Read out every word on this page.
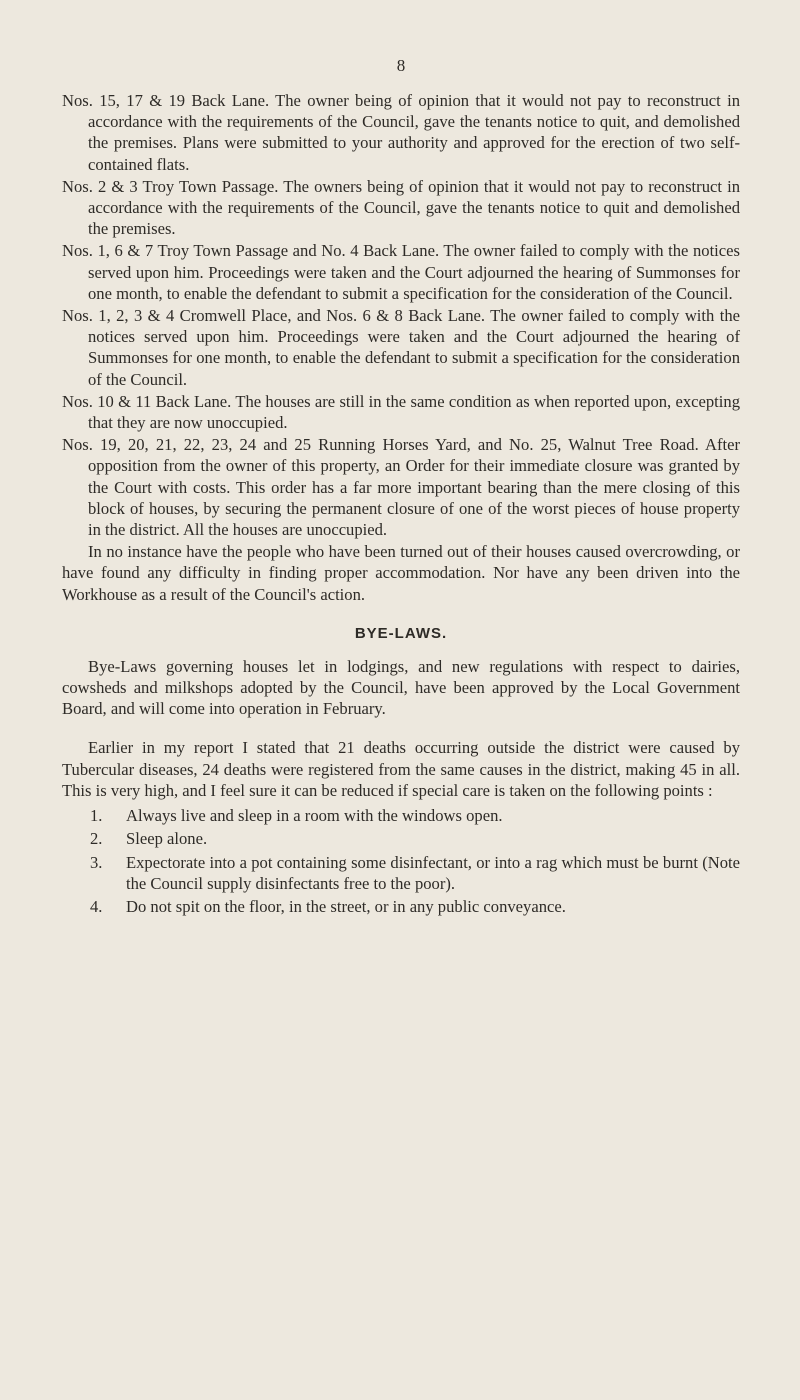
8

Nos. 15, 17 & 19 Back Lane. The owner being of opinion that it would not pay to reconstruct in accordance with the requirements of the Council, gave the tenants notice to quit, and demolished the premises. Plans were submitted to your authority and approved for the erection of two self-contained flats.

Nos. 2 & 3 Troy Town Passage. The owners being of opinion that it would not pay to reconstruct in accordance with the requirements of the Council, gave the tenants notice to quit and demolished the premises.

Nos. 1, 6 & 7 Troy Town Passage and No. 4 Back Lane. The owner failed to comply with the notices served upon him. Proceedings were taken and the Court adjourned the hearing of Summonses for one month, to enable the defendant to submit a specification for the consideration of the Council.

Nos. 1, 2, 3 & 4 Cromwell Place, and Nos. 6 & 8 Back Lane. The owner failed to comply with the notices served upon him. Proceedings were taken and the Court adjourned the hearing of Summonses for one month, to enable the defendant to submit a specification for the consideration of the Council.

Nos. 10 & 11 Back Lane. The houses are still in the same condition as when reported upon, excepting that they are now unoccupied.

Nos. 19, 20, 21, 22, 23, 24 and 25 Running Horses Yard, and No. 25, Walnut Tree Road. After opposition from the owner of this property, an Order for their immediate closure was granted by the Court with costs. This order has a far more important bearing than the mere closing of this block of houses, by securing the permanent closure of one of the worst pieces of house property in the district. All the houses are unoccupied.

In no instance have the people who have been turned out of their houses caused overcrowding, or have found any difficulty in finding proper accommodation. Nor have any been driven into the Workhouse as a result of the Council's action.

BYE-LAWS.

Bye-Laws governing houses let in lodgings, and new regulations with respect to dairies, cowsheds and milkshops adopted by the Council, have been approved by the Local Government Board, and will come into operation in February.

Earlier in my report I stated that 21 deaths occurring outside the district were caused by Tubercular diseases, 24 deaths were registered from the same causes in the district, making 45 in all. This is very high, and I feel sure it can be reduced if special care is taken on the following points :

1. Always live and sleep in a room with the windows open.
2. Sleep alone.
3. Expectorate into a pot containing some disinfectant, or into a rag which must be burnt (Note the Council supply disinfectants free to the poor).
4. Do not spit on the floor, in the street, or in any public conveyance.
